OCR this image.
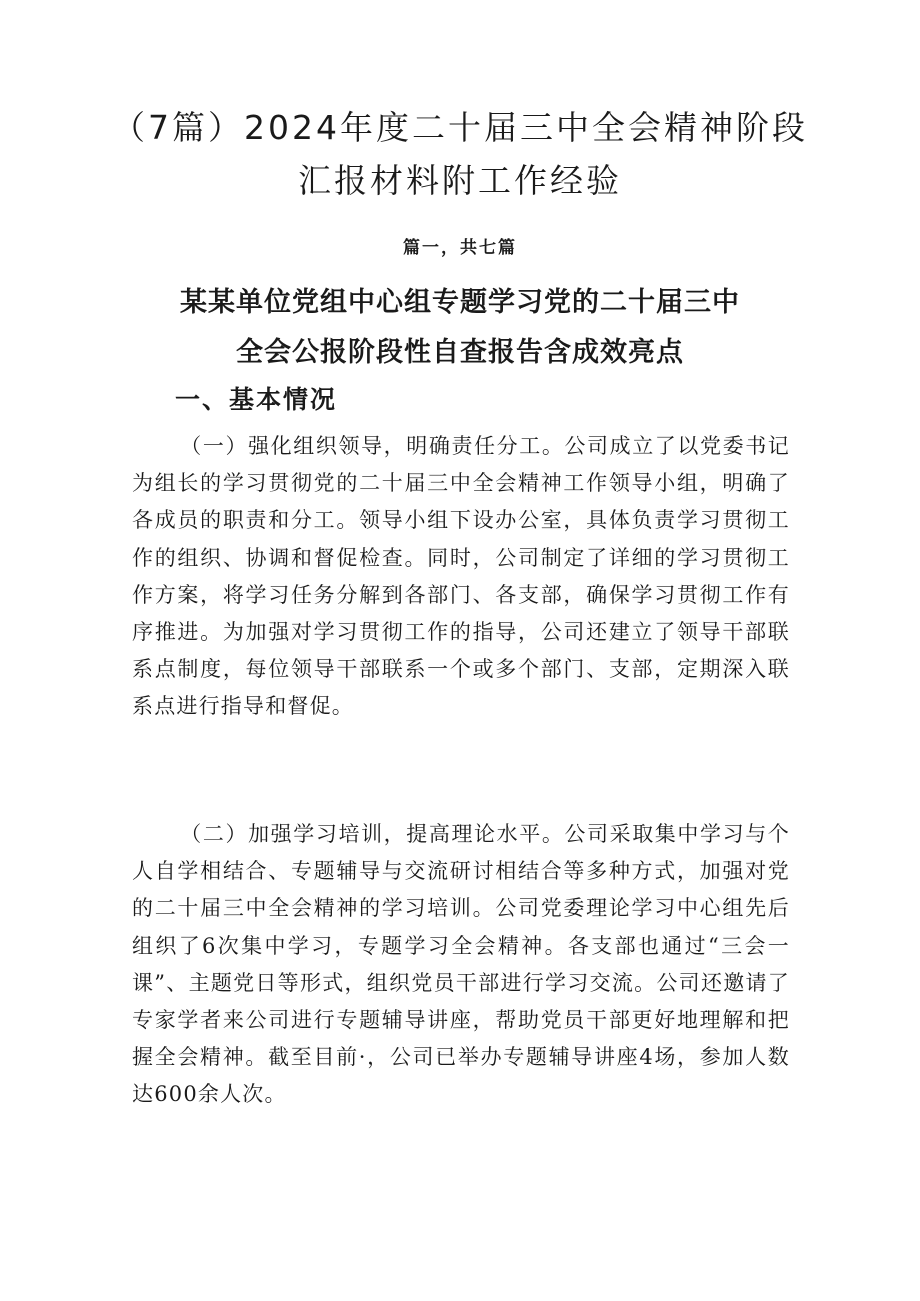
（7篇）2024年度二十届三中全会精神阶段
汇报材料附工作经验

篇一，共七篇

某某单位党组中心组专题学习党的二十届三中
全会公报阶段性自查报告含成效亮点
一、基本情况

（一）强化组织领导，明确责任分工。公司成立了以党委书记为组长的学习贯彻党的二十届三中全会精神工作领导小组，明确了各成员的职责和分工。领导小组下设办公室，具体负责学习贯彻工作的组织、协调和督促检查。同时，公司制定了详细的学习贯彻工作方案，将学习任务分解到各部门、各支部，确保学习贯彻工作有序推进。为加强对学习贯彻工作的指导，公司还建立了领导干部联系点制度，每位领导干部联系一个或多个部门、支部，定期深入联系点进行指导和督促。

（二）加强学习培训，提高理论水平。公司采取集中学习与个人自学相结合、专题辅导与交流研讨相结合等多种方式，加强对党的二十届三中全会精神的学习培训。公司党委理论学习中心组先后组织了6次集中学习，专题学习全会精神。各支部也通过“三会一课”、主题党日等形式，组织党员干部进行学习交流。公司还邀请了专家学者来公司进行专题辅导讲座，帮助党员干部更好地理解和把握全会精神。截至目前·，公司已举办专题辅导讲座4场，参加人数达600余人次。
